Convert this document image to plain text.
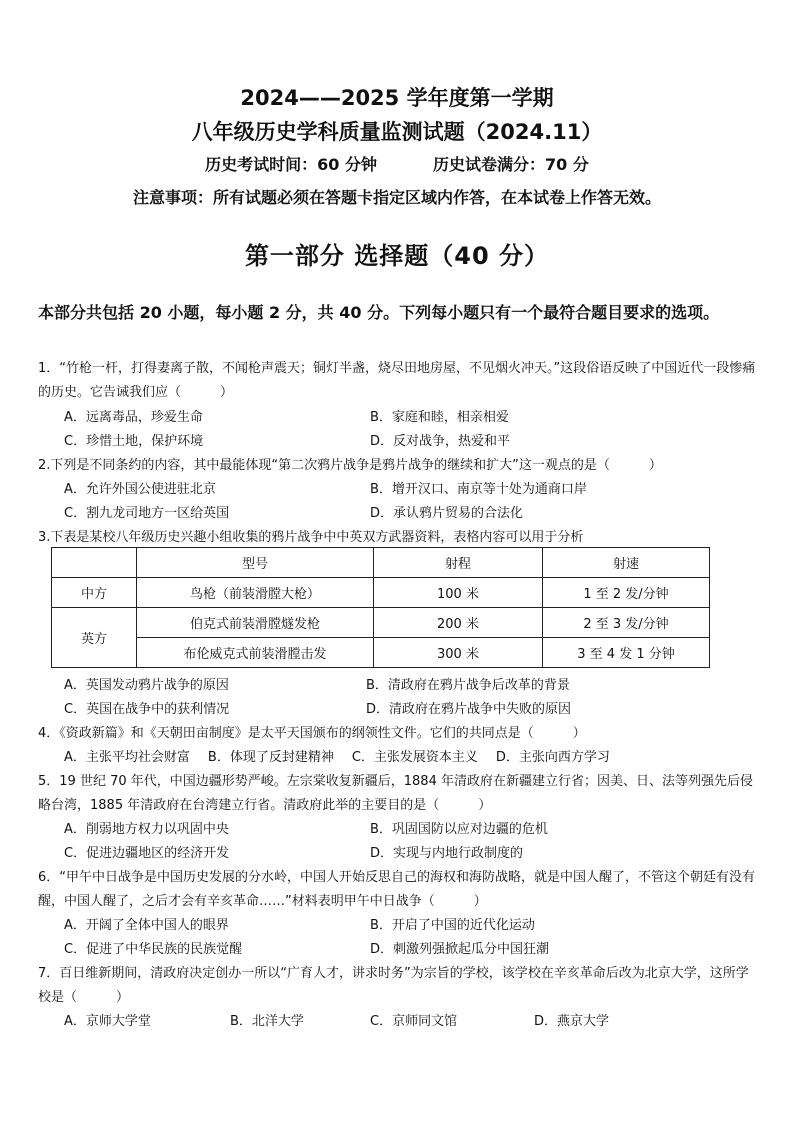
2024——2025 学年度第一学期
八年级历史学科质量监测试题（2024.11）
历史考试时间：60 分钟	历史试卷满分：70 分
注意事项：所有试题必须在答题卡指定区域内作答，在本试卷上作答无效。
第一部分 选择题（40 分）
本部分共包括 20 小题，每小题 2 分，共 40 分。下列每小题只有一个最符合题目要求的选项。
1．“竹枪一杆，打得妻离子散，不闻枪声震天；铜灯半盏，烧尽田地房屋，不见烟火冲天。”这段俗语反映了中国近代一段惨痛的历史。它告诫我们应（　　　）
A．远离毒品，珍爱生命	B．家庭和睦，相亲相爱
C．珍惜土地，保护环境	D．反对战争，热爱和平
2.下列是不同条约的内容，其中最能体现“第二次鸦片战争是鸦片战争的继续和扩大”这一观点的是（　　　）
A．允许外国公使进驻北京	B．增开汉口、南京等十处为通商口岸
C．割九龙司地方一区给英国	D．承认鸦片贸易的合法化
3.下表是某校八年级历史兴趣小组收集的鸦片战争中中英双方武器资料，表格内容可以用于分析
	型号	射程	射速
中方	鸟枪（前装滑膛大枪）	100 米	1 至 2 发/分钟
英方	伯克式前装滑膛燧发枪	200 米	2 至 3 发/分钟
	布伦威克式前装滑膛击发	300 米	3 至 4 发 1 分钟
A．英国发动鸦片战争的原因	B．清政府在鸦片战争后改革的背景
C．英国在战争中的获利情况	D．清政府在鸦片战争中失败的原因
4．《资政新篇》和《天朝田亩制度》是太平天国颁布的纲领性文件。它们的共同点是（　　　）
A．主张平均社会财富 B．体现了反封建精神 C．主张发展资本主义 D．主张向西方学习
5．19 世纪 70 年代，中国边疆形势严峻。左宗棠收复新疆后，1884 年清政府在新疆建立行省；因美、日、法等列强先后侵略台湾，1885 年清政府在台湾建立行省。清政府此举的主要目的是（　　　）
A．削弱地方权力以巩固中央	B．巩固国防以应对边疆的危机
C．促进边疆地区的经济开发	D．实现与内地行政制度的
6．“甲午中日战争是中国历史发展的分水岭，中国人开始反思自己的海权和海防战略，就是中国人醒了，不管这个朝廷有没有醒，中国人醒了，之后才会有辛亥革命……”材料表明甲午中日战争（　　　）
A．开阔了全体中国人的眼界	B．开启了中国的近代化运动
C．促进了中华民族的民族觉醒	D．刺激列强掀起瓜分中国狂潮
7．百日维新期间，清政府决定创办一所以“广育人才，讲求时务”为宗旨的学校，该学校在辛亥革命后改为北京大学，这所学校是（　　　）
A．京师大学堂	B．北洋大学	C．京师同文馆	D．燕京大学
